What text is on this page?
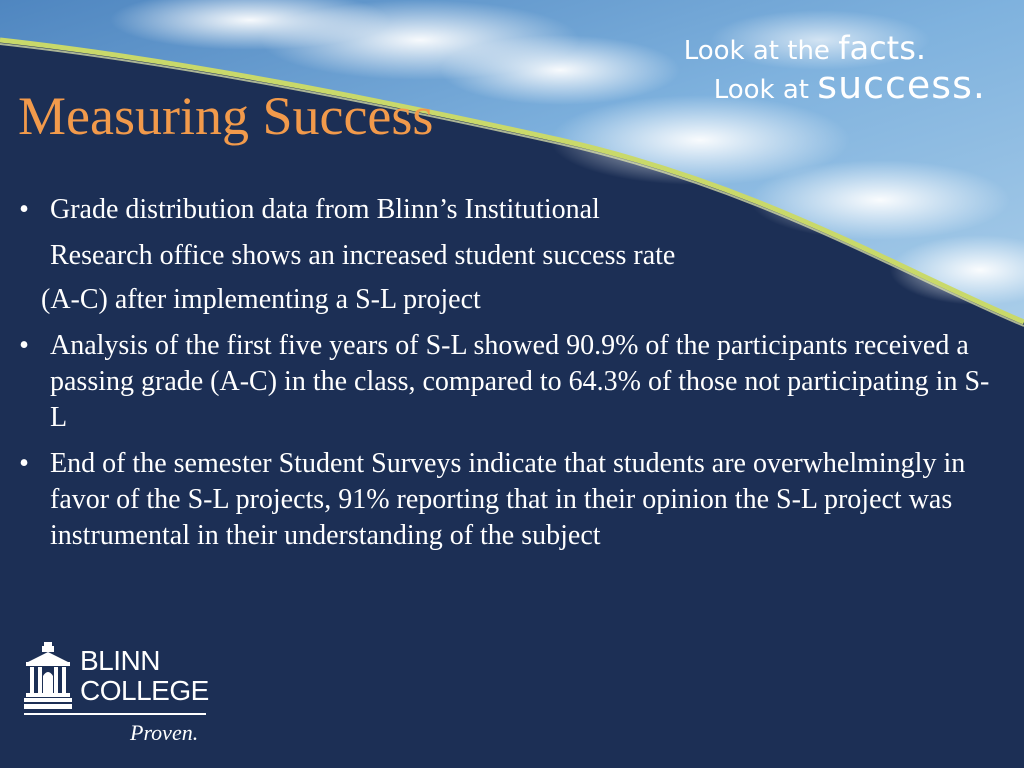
Look at the facts.
Look at success.
Measuring Success
• Grade distribution data from Blinn’s Institutional
Research office shows an increased student success rate
(A-C) after implementing a S-L project
• Analysis of the first five years of S-L showed 90.9% of the participants received a passing grade (A-C) in the class, compared to 64.3% of those not participating in S-L
• End of the semester Student Surveys indicate that students are overwhelmingly in favor of the S-L projects, 91% reporting that in their opinion the S-L project was instrumental in their understanding of the subject
BLINN
COLLEGE
Proven.
